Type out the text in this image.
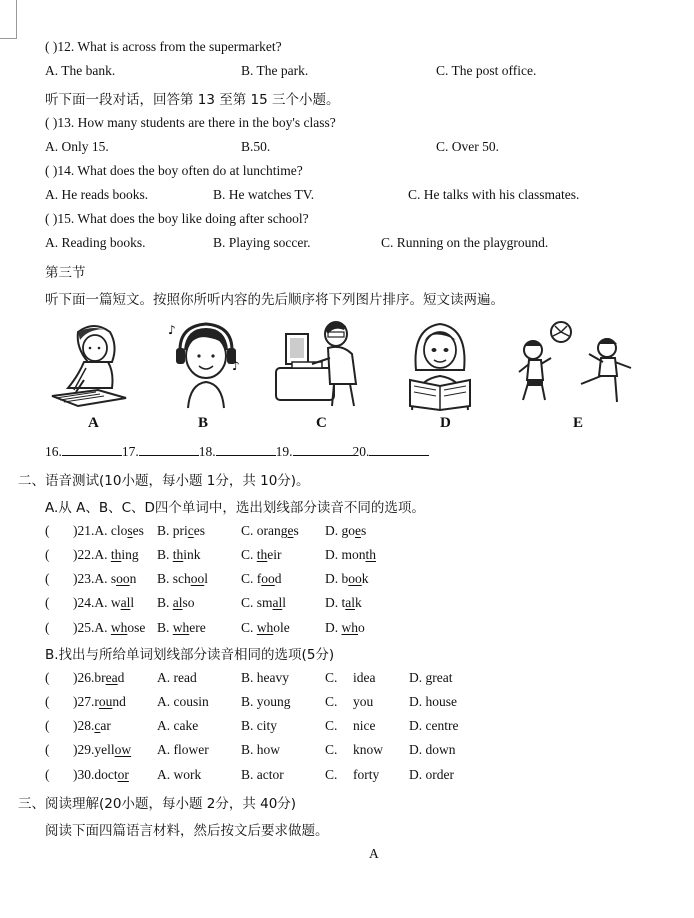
( )12. What is across from the supermarket?
A. The bank.	B. The park.	C. The post office.
听下面一段对话，回答第 13 至第 15 三个小题。
( )13. How many students are there in the boy's class?
A. Only 15.	B.50.	C. Over 50.
( )14. What does the boy often do at lunchtime?
A. He reads books.	B. He watches TV.	C. He talks with his classmates.
( )15. What does the boy like doing after school?
A. Reading books.	B. Playing soccer.	C. Running on the playground.
第三节
听下面一篇短文。按照你所听内容的先后顺序将下列图片排序。短文读两遍。
♪
♪
A	B	C	D	E
16.	17.	18.	19.	20.
二、语音测试(10小题，每小题 1分，共 10分)。
A.从 A、B、C、D四个单词中，选出划线部分读音不同的选项。
( )21.A. closes B. prices	C. oranges D. goes
( )22.A. thing B. think	C. their	D. month
( )23.A. soon B. school C. food	D. book
( )24.A. wall B. also	C. small	D. talk
( )25.A. whose B. where	C. whole	D. who
B.找出与所给单词划线部分读音相同的选项(5分)
( )26.bread A. read	B. heavy	C. idea D. great
( )27.round A. cousin B. young	C. you	D. house
( )28.car	A. cake	B. city	C. nice D. centre
( )29.yellow A. flower B. how	C. know D. down
( )30.doctor A. work	B. actor	C. forty D. order
三、阅读理解(20小题，每小题 2分，共 40分)
阅读下面四篇语言材料，然后按文后要求做题。
A
